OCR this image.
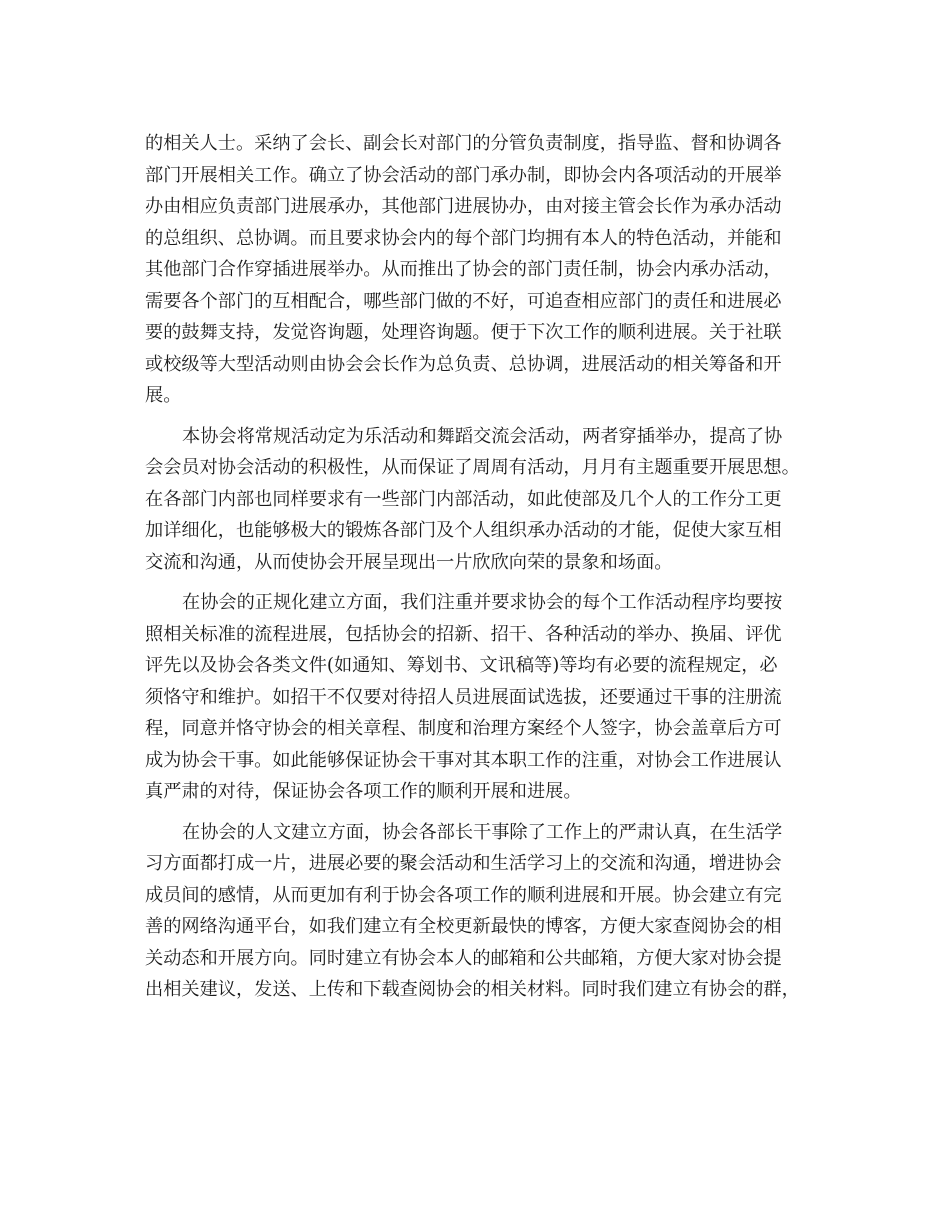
的相关人士。采纳了会长、副会长对部门的分管负责制度，指导监、督和协调各
部门开展相关工作。确立了协会活动的部门承办制，即协会内各项活动的开展举
办由相应负责部门进展承办，其他部门进展协办，由对接主管会长作为承办活动
的总组织、总协调。而且要求协会内的每个部门均拥有本人的特色活动，并能和
其他部门合作穿插进展举办。从而推出了协会的部门责任制，协会内承办活动，
需要各个部门的互相配合，哪些部门做的不好，可追查相应部门的责任和进展必
要的鼓舞支持，发觉咨询题，处理咨询题。便于下次工作的顺利进展。关于社联
或校级等大型活动则由协会会长作为总负责、总协调，进展活动的相关筹备和开
展。
本协会将常规活动定为乐活动和舞蹈交流会活动，两者穿插举办，提高了协
会会员对协会活动的积极性，从而保证了周周有活动，月月有主题重要开展思想。
在各部门内部也同样要求有一些部门内部活动，如此使部及几个人的工作分工更
加详细化，也能够极大的锻炼各部门及个人组织承办活动的才能，促使大家互相
交流和沟通，从而使协会开展呈现出一片欣欣向荣的景象和场面。
在协会的正规化建立方面，我们注重并要求协会的每个工作活动程序均要按
照相关标准的流程进展，包括协会的招新、招干、各种活动的举办、换届、评优
评先以及协会各类文件(如通知、筹划书、文讯稿等)等均有必要的流程规定，必
须恪守和维护。如招干不仅要对待招人员进展面试选拔，还要通过干事的注册流
程，同意并恪守协会的相关章程、制度和治理方案经个人签字，协会盖章后方可
成为协会干事。如此能够保证协会干事对其本职工作的注重，对协会工作进展认
真严肃的对待，保证协会各项工作的顺利开展和进展。
在协会的人文建立方面，协会各部长干事除了工作上的严肃认真，在生活学
习方面都打成一片，进展必要的聚会活动和生活学习上的交流和沟通，增进协会
成员间的感情，从而更加有利于协会各项工作的顺利进展和开展。协会建立有完
善的网络沟通平台，如我们建立有全校更新最快的博客，方便大家查阅协会的相
关动态和开展方向。同时建立有协会本人的邮箱和公共邮箱，方便大家对协会提
出相关建议，发送、上传和下载查阅协会的相关材料。同时我们建立有协会的群，
